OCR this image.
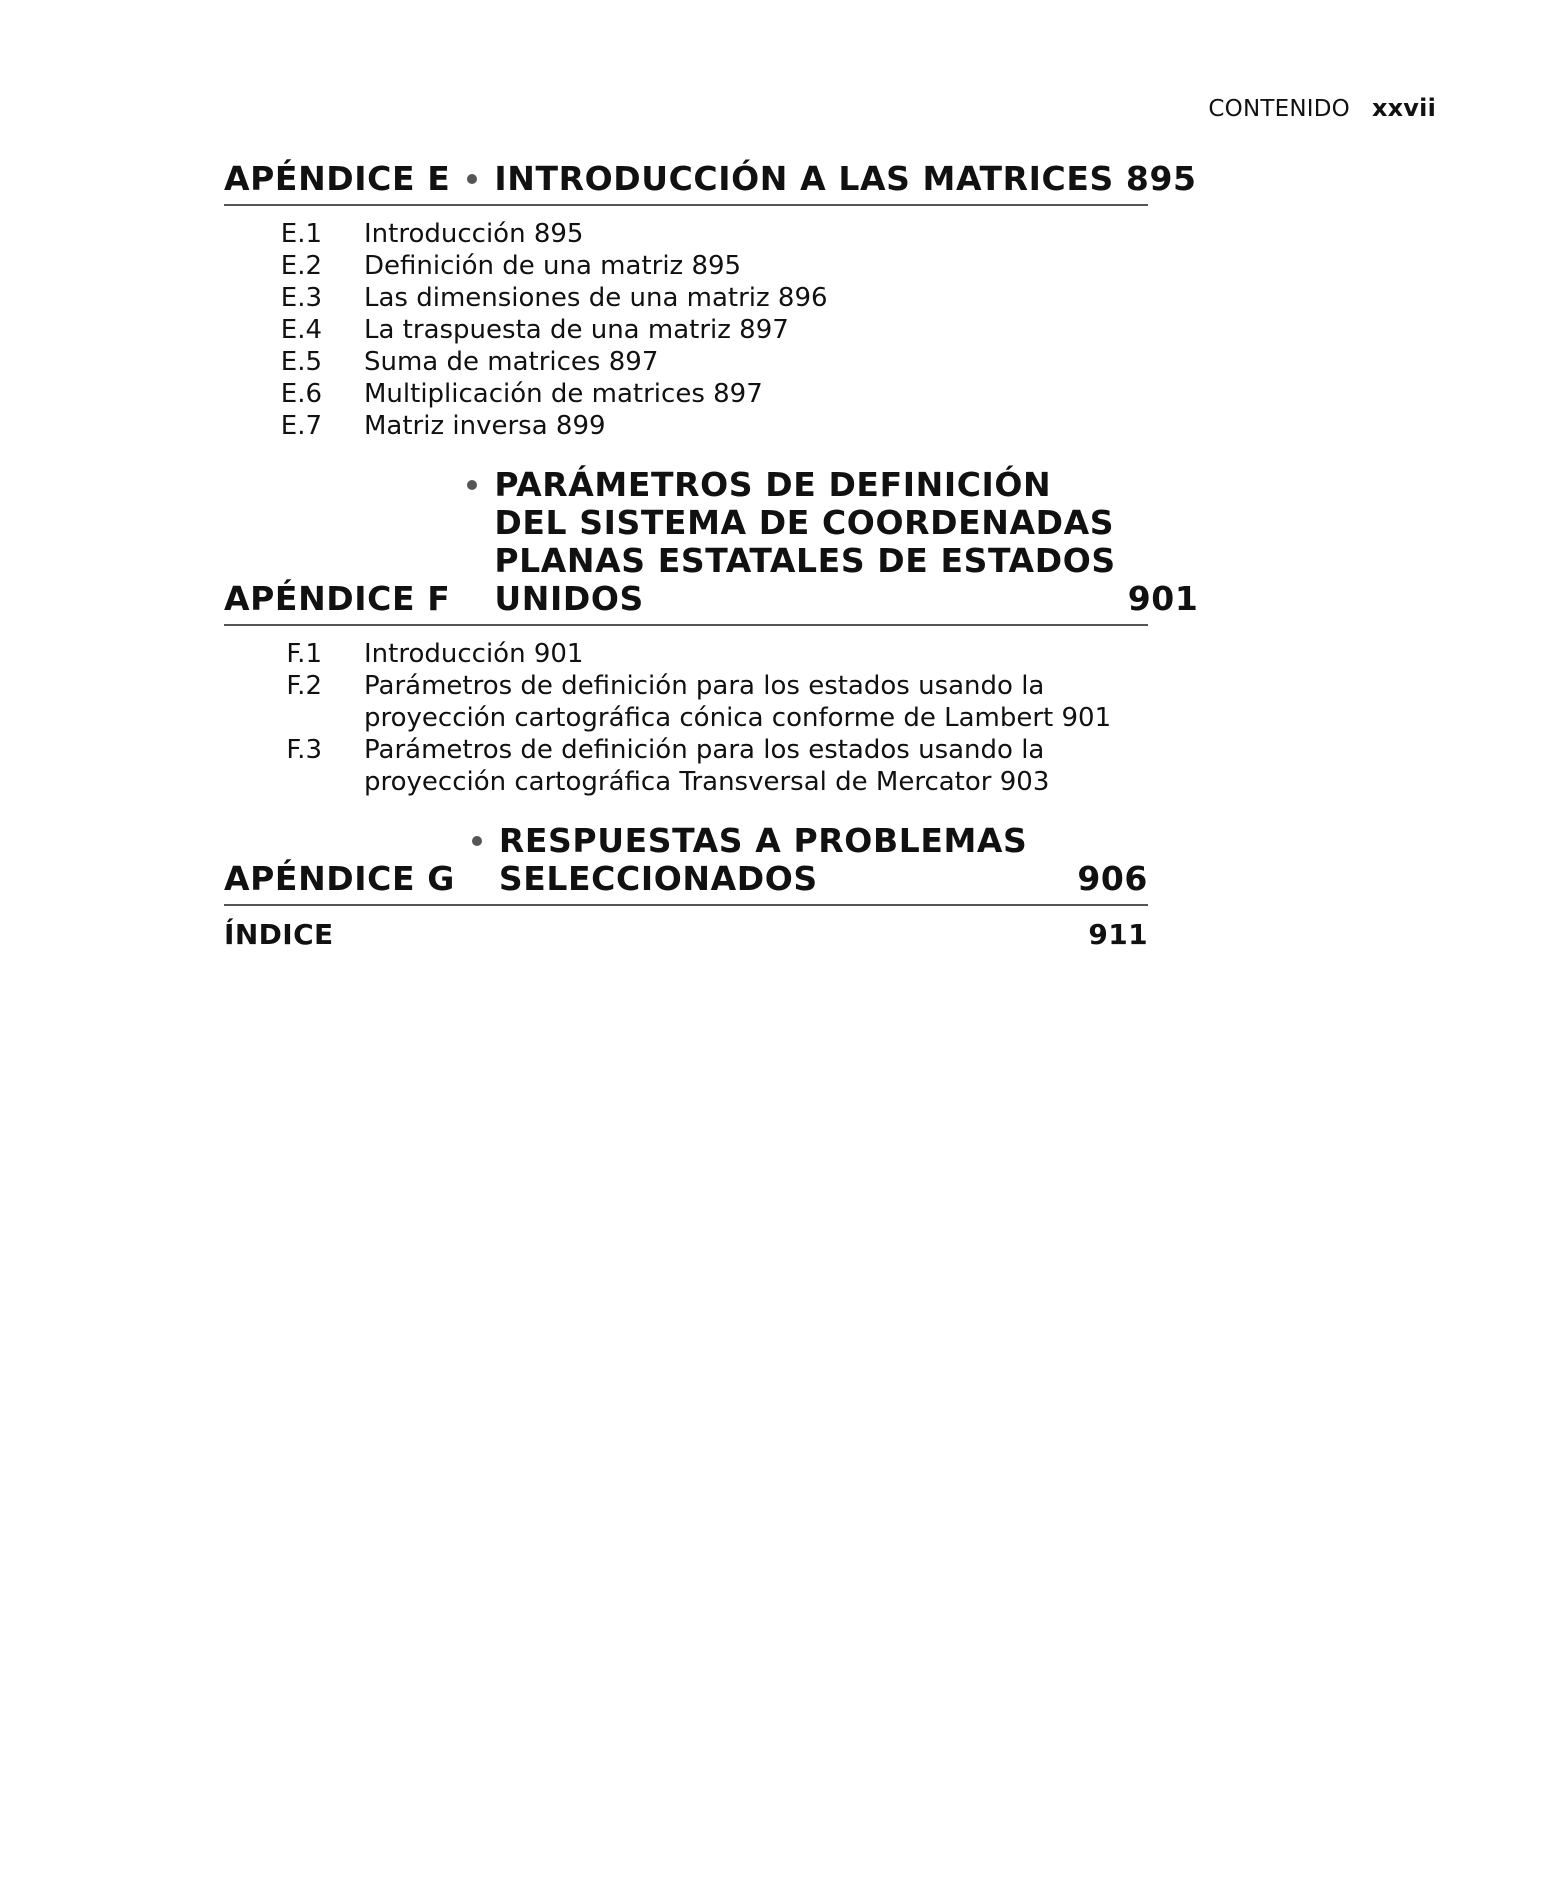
CONTENIDO xxvii
APÉNDICE E INTRODUCCIÓN A LAS MATRICES 895
E.1	Introducción 895
E.2	Definición de una matriz 895
E.3	Las dimensiones de una matriz 896
E.4	La traspuesta de una matriz 897
E.5	Suma de matrices 897
E.6	Multiplicación de matrices 897
E.7	Matriz inversa 899
APÉNDICE F
PARÁMETROS DE DEFINICIÓN
DEL SISTEMA DE COORDENADAS
PLANAS ESTATALES DE ESTADOS
UNIDOS	901
F.1	Introducción 901
F.2	Parámetros de definición para los estados usando la
proyección cartográfica cónica conforme de Lambert 901
F.3	Parámetros de definición para los estados usando la
proyección cartográfica Transversal de Mercator 903
APÉNDICE G
RESPUESTAS A PROBLEMAS
SELECCIONADOS	906
ÍNDICE	911
